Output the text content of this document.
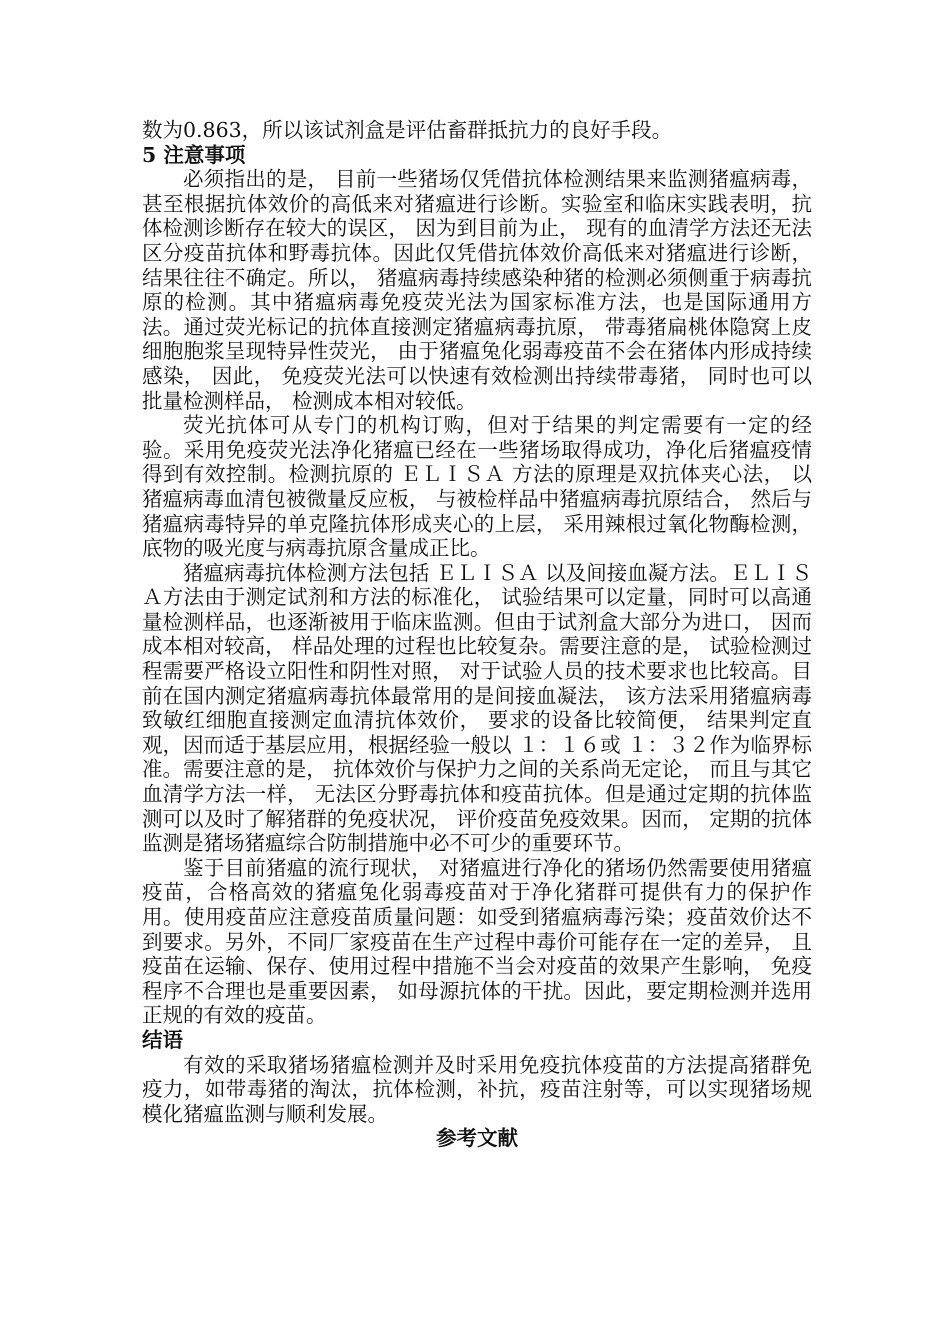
数为0.863，所以该试剂盒是评估畜群抵抗力的良好手段。

5 注意事项

必须指出的是， 目前一些猪场仅凭借抗体检测结果来监测猪瘟病毒，甚至根据抗体效价的高低来对猪瘟进行诊断。实验室和临床实践表明，抗体检测诊断存在较大的误区， 因为到目前为止， 现有的血清学方法还无法区分疫苗抗体和野毒抗体。因此仅凭借抗体效价高低来对猪瘟进行诊断， 结果往往不确定。所以， 猪瘟病毒持续感染种猪的检测必须侧重于病毒抗原的检测。其中猪瘟病毒免疫荧光法为国家标准方法，也是国际通用方法。通过荧光标记的抗体直接测定猪瘟病毒抗原， 带毒猪扁桃体隐窝上皮细胞胞浆呈现特异性荧光， 由于猪瘟兔化弱毒疫苗不会在猪体内形成持续感染， 因此， 免疫荧光法可以快速有效检测出持续带毒猪， 同时也可以批量检测样品， 检测成本相对较低。

荧光抗体可从专门的机构订购，但对于结果的判定需要有一定的经验。采用免疫荧光法净化猪瘟已经在一些猪场取得成功，净化后猪瘟疫情得到有效控制。检测抗原的 ＥＬＩＳＡ 方法的原理是双抗体夹心法， 以猪瘟病毒血清包被微量反应板， 与被检样品中猪瘟病毒抗原结合， 然后与猪瘟病毒特异的单克隆抗体形成夹心的上层， 采用辣根过氧化物酶检测，底物的吸光度与病毒抗原含量成正比。

猪瘟病毒抗体检测方法包括 ＥＬＩＳＡ 以及间接血凝方法。ＥＬＩＳＡ方法由于测定试剂和方法的标准化， 试验结果可以定量，同时可以高通量检测样品，也逐渐被用于临床监测。但由于试剂盒大部分为进口， 因而成本相对较高， 样品处理的过程也比较复杂。需要注意的是， 试验检测过程需要严格设立阳性和阴性对照， 对于试验人员的技术要求也比较高。目前在国内测定猪瘟病毒抗体最常用的是间接血凝法， 该方法采用猪瘟病毒致敏红细胞直接测定血清抗体效价， 要求的设备比较简便， 结果判定直观，因而适于基层应用，根据经验一般以 １：１６或 １：３２作为临界标准。需要注意的是， 抗体效价与保护力之间的关系尚无定论， 而且与其它血清学方法一样， 无法区分野毒抗体和疫苗抗体。但是通过定期的抗体监测可以及时了解猪群的免疫状况， 评价疫苗免疫效果。因而， 定期的抗体监测是猪场猪瘟综合防制措施中必不可少的重要环节。

鉴于目前猪瘟的流行现状， 对猪瘟进行净化的猪场仍然需要使用猪瘟疫苗，合格高效的猪瘟兔化弱毒疫苗对于净化猪群可提供有力的保护作用。使用疫苗应注意疫苗质量问题：如受到猪瘟病毒污染；疫苗效价达不到要求。另外，不同厂家疫苗在生产过程中毒价可能存在一定的差异， 且疫苗在运输、保存、使用过程中措施不当会对疫苗的效果产生影响， 免疫程序不合理也是重要因素， 如母源抗体的干扰。因此，要定期检测并选用正规的有效的疫苗。

结语

有效的采取猪场猪瘟检测并及时采用免疫抗体疫苗的方法提高猪群免疫力，如带毒猪的淘汰，抗体检测，补抗，疫苗注射等，可以实现猪场规模化猪瘟监测与顺利发展。

参考文献
